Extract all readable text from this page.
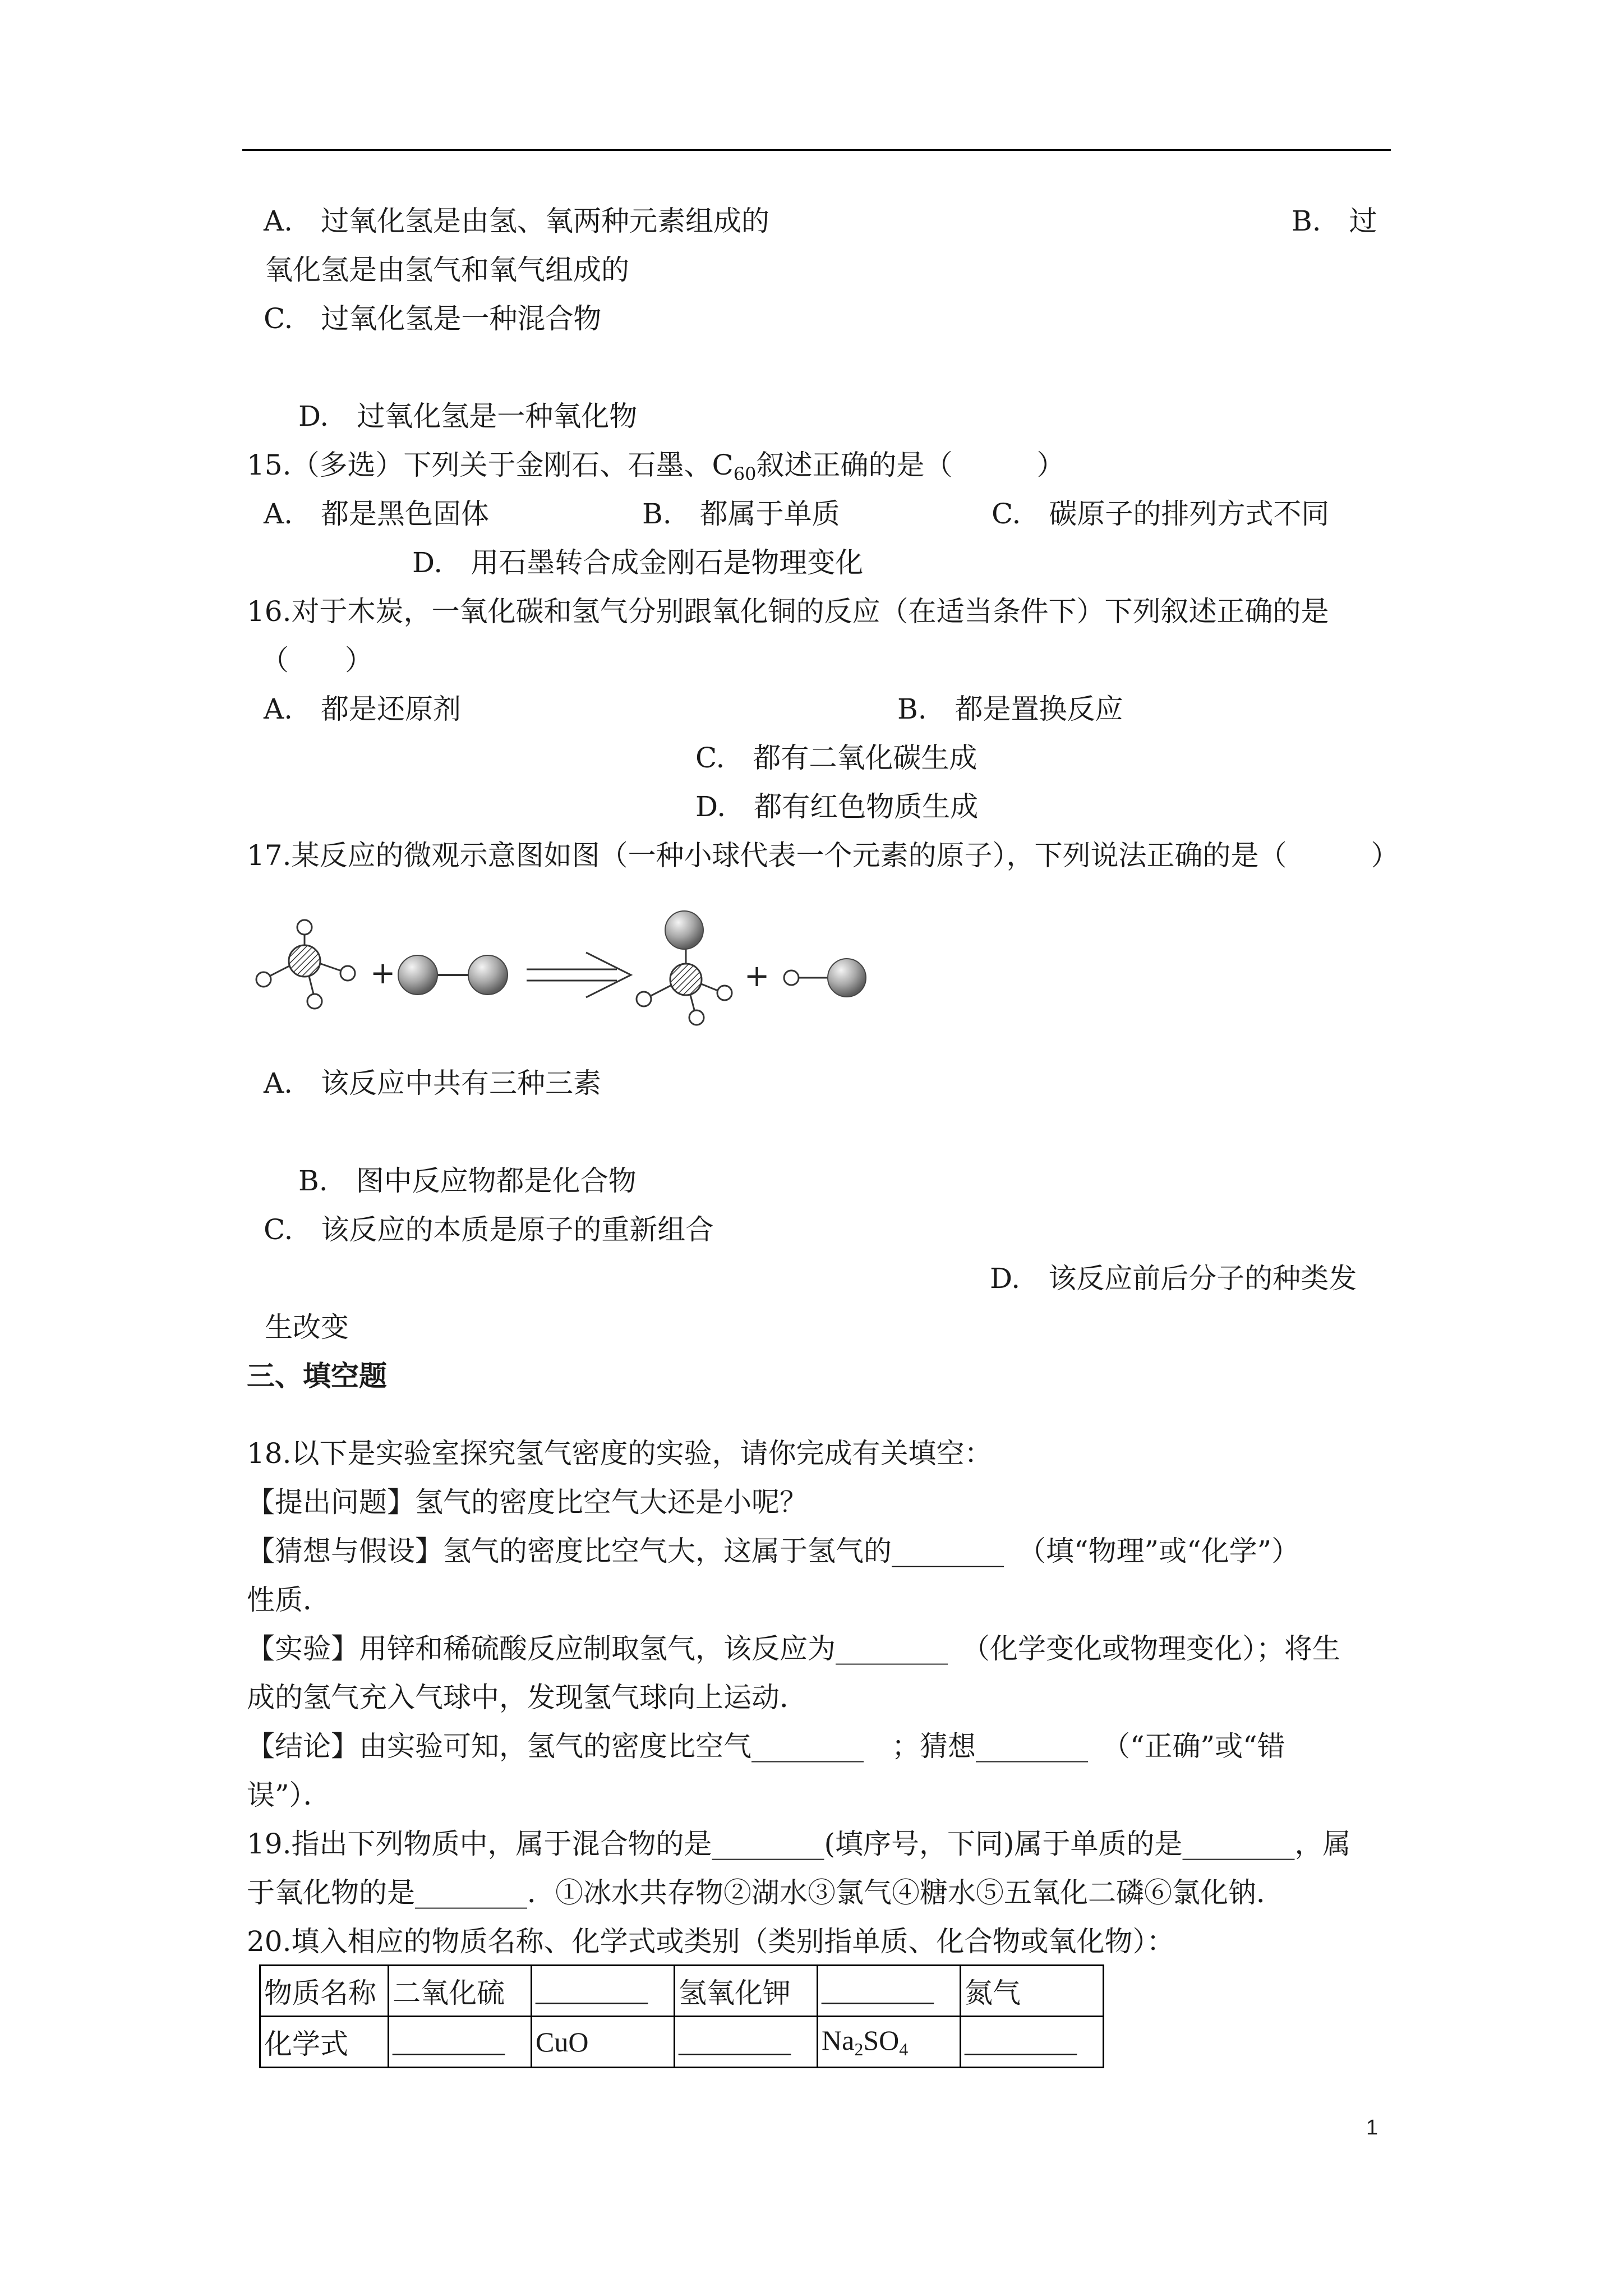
A.　过氧化氢是由氢、氧两种元素组成的	B.　过
氧化氢是由氢气和氧气组成的
C.　过氧化氢是一种混合物
D.　过氧化氢是一种氧化物
15.（多选）下列关于金刚石、石墨、$C_{60}$叙述正确的是（　　　）
A.　都是黑色固体	B.　都属于单质	C.　碳原子的排列方式不同
D.　用石墨转合成金刚石是物理变化
16.对于木炭，一氧化碳和氢气分别跟氧化铜的反应（在适当条件下）下列叙述正确的是
（　　）
A.　都是还原剂	B.　都是置换反应
C.　都有二氧化碳生成
D.　都有红色物质生成
17.某反应的微观示意图如图（一种小球代表一个元素的原子），下列说法正确的是（　　　）
+	+
A.　该反应中共有三种三素
B.　图中反应物都是化合物
C.　该反应的本质是原子的重新组合
D.　该反应前后分子的种类发
生改变
三、填空题
18.以下是实验室探究氢气密度的实验，请你完成有关填空：
【提出问题】氢气的密度比空气大还是小呢？
【猜想与假设】氢气的密度比空气大，这属于氢气的________　（填“物理”或“化学”）
性质．
【实验】用锌和稀硫酸反应制取氢气，该反应为________　（化学变化或物理变化）；将生
成的氢气充入气球中，发现氢气球向上运动．
【结论】由实验可知，氢气的密度比空气________　；猜想________　（“正确”或“错
误”）．
19.指出下列物质中，属于混合物的是________(填序号，下同)属于单质的是________，属
于氧化物的是________．①冰水共存物②湖水③氯气④糖水⑤五氧化二磷⑥氯化钠．
20.填入相应的物质名称、化学式或类别（类别指单质、化合物或氧化物）：
物质名称	二氧化硫	________	氢氧化钾	________	氮气
化学式	________	CuO	________	$Na_2SO_4$	________
1
